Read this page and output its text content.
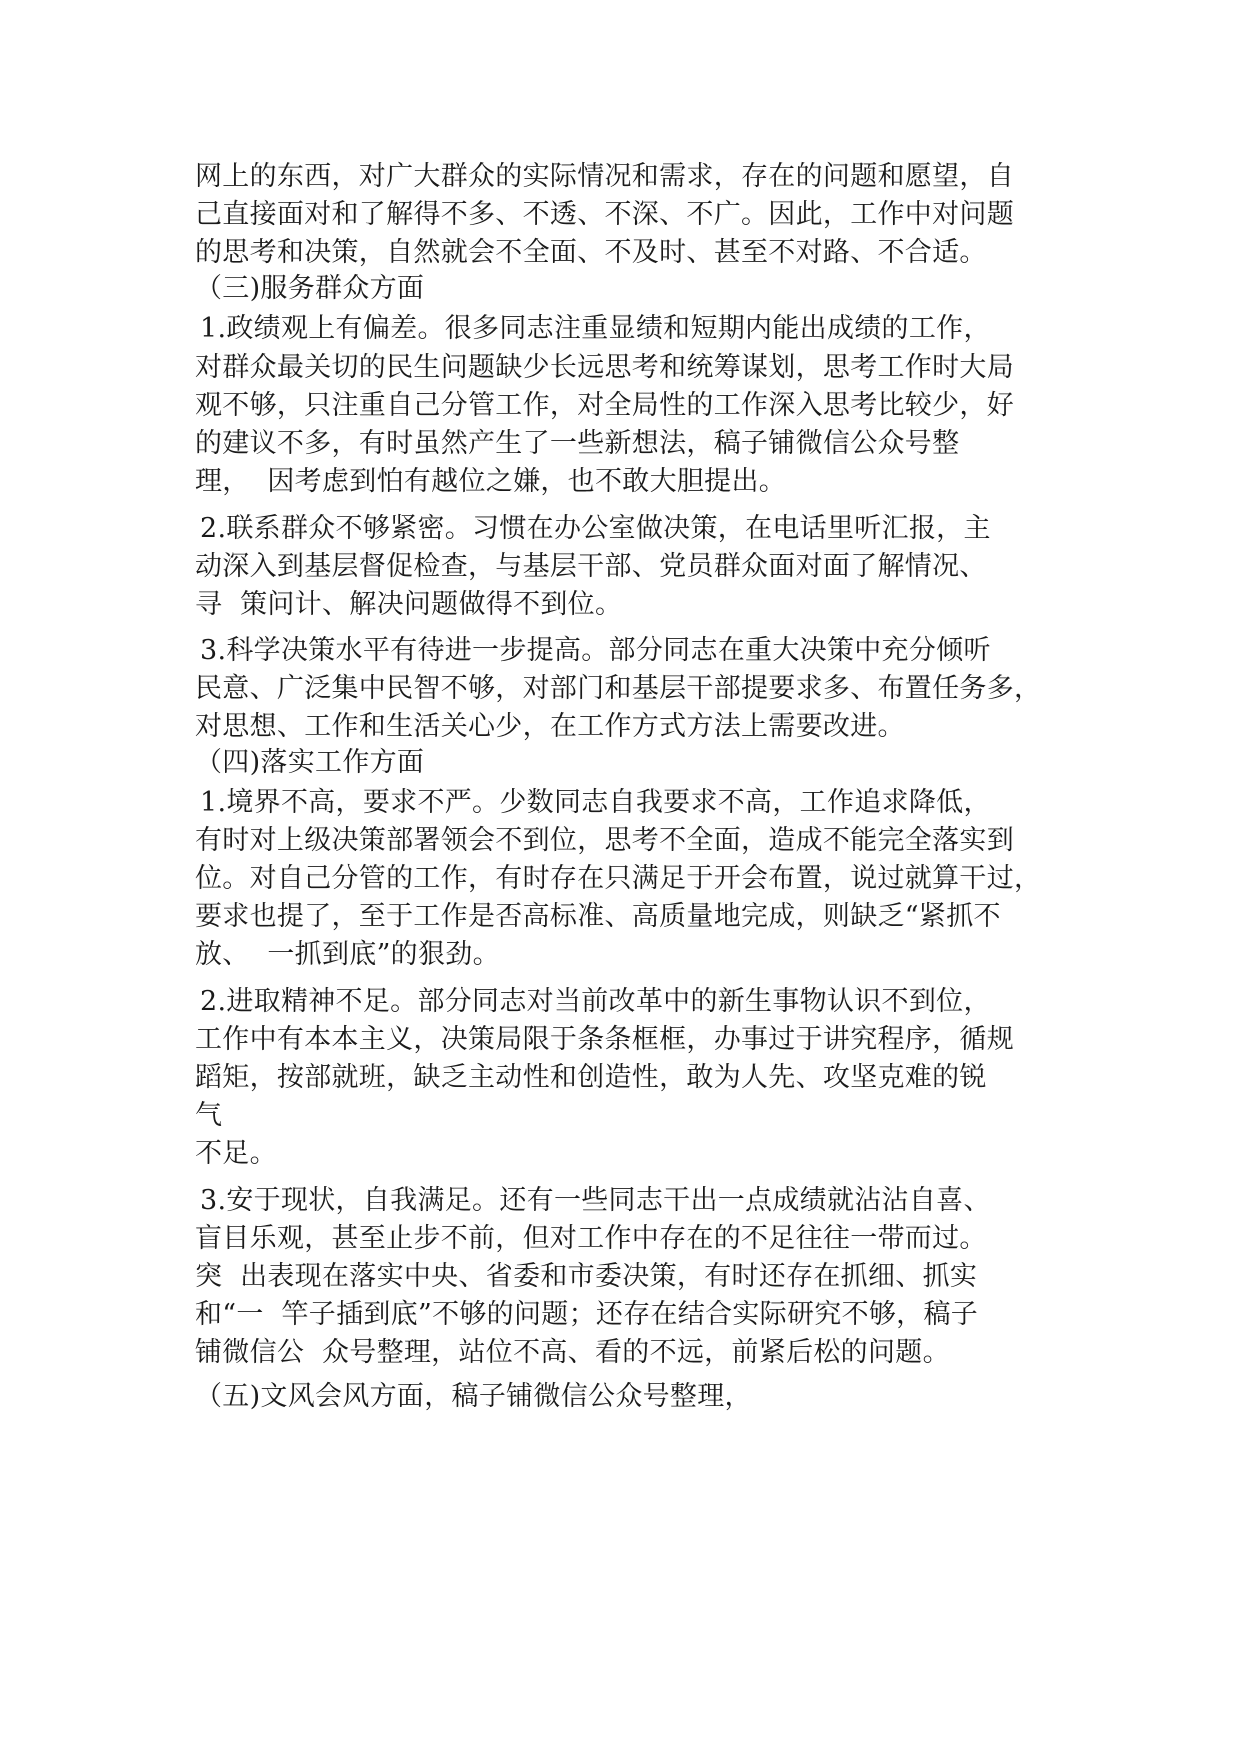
网上的东西，对广大群众的实际情况和需求，存在的问题和愿望，自
己直接面对和了解得不多、不透、不深、不广。因此，工作中对问题
的思考和决策，自然就会不全面、不及时、甚至不对路、不合适。
（三)服务群众方面
1.政绩观上有偏差。很多同志注重显绩和短期内能出成绩的工作，
对群众最关切的民生问题缺少长远思考和统筹谋划，思考工作时大局
观不够，只注重自己分管工作，对全局性的工作深入思考比较少，好
的建议不多，有时虽然产生了一些新想法，稿子铺微信公众号整
理，  因考虑到怕有越位之嫌，也不敢大胆提出。
2.联系群众不够紧密。习惯在办公室做决策，在电话里听汇报，主
动深入到基层督促检查，与基层干部、党员群众面对面了解情况、
寻  策问计、解决问题做得不到位。
3.科学决策水平有待进一步提高。部分同志在重大决策中充分倾听
民意、广泛集中民智不够，对部门和基层干部提要求多、布置任务多，
对思想、工作和生活关心少，在工作方式方法上需要改进。
（四)落实工作方面
1.境界不高，要求不严。少数同志自我要求不高，工作追求降低，
有时对上级决策部署领会不到位，思考不全面，造成不能完全落实到
位。对自己分管的工作，有时存在只满足于开会布置，说过就算干过，
要求也提了，至于工作是否高标准、高质量地完成，则缺乏“紧抓不
放、  一抓到底”的狠劲。
2.进取精神不足。部分同志对当前改革中的新生事物认识不到位，
工作中有本本主义，决策局限于条条框框，办事过于讲究程序，循规
蹈矩，按部就班，缺乏主动性和创造性，敢为人先、攻坚克难的锐
气
不足。
3.安于现状，自我满足。还有一些同志干出一点成绩就沾沾自喜、
盲目乐观，甚至止步不前，但对工作中存在的不足往往一带而过。
突  出表现在落实中央、省委和市委决策，有时还存在抓细、抓实
和“一  竿子插到底”不够的问题；还存在结合实际研究不够，稿子
铺微信公  众号整理，站位不高、看的不远，前紧后松的问题。
（五)文风会风方面，稿子铺微信公众号整理，
